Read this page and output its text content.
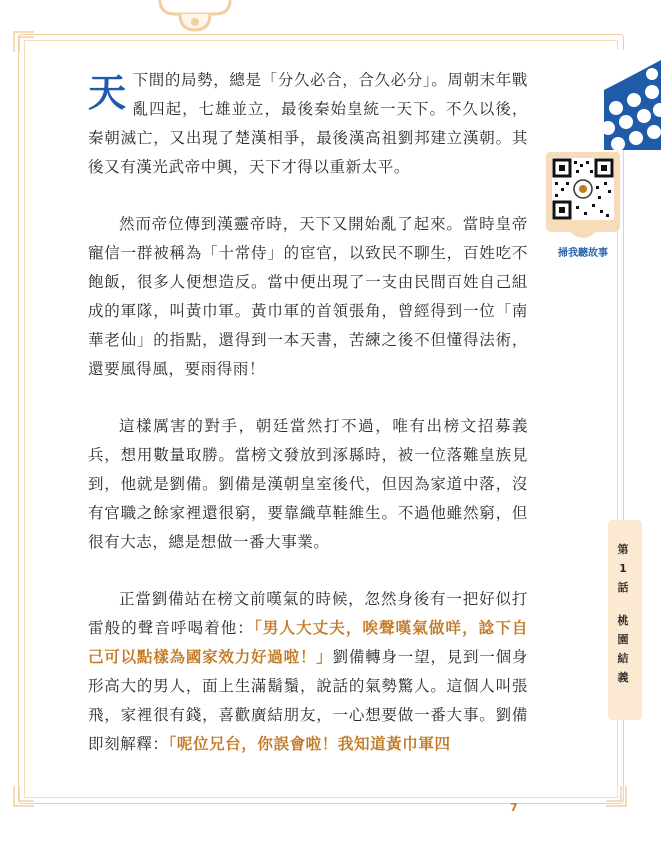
掃我聽故事
第
1
話
桃
園
結
義

天下間的局勢，總是「分久必合，合久必分」。周朝末年戰亂四起，七雄並立，最後秦始皇統一天下。不久以後，秦朝滅亡，又出現了楚漢相爭，最後漢高祖劉邦建立漢朝。其後又有漢光武帝中興，天下才得以重新太平。

然而帝位傳到漢靈帝時，天下又開始亂了起來。當時皇帝寵信一群被稱為「十常侍」的宦官，以致民不聊生，百姓吃不飽飯，很多人便想造反。當中便出現了一支由民間百姓自己組成的軍隊，叫黃巾軍。黃巾軍的首領張角，曾經得到一位「南華老仙」的指點，還得到一本天書，苦練之後不但懂得法術，還要風得風，要雨得雨！

這樣厲害的對手，朝廷當然打不過，唯有出榜文招募義兵，想用數量取勝。當榜文發放到涿縣時，被一位落難皇族見到，他就是劉備。劉備是漢朝皇室後代，但因為家道中落，沒有官職之餘家裡還很窮，要靠織草鞋維生。不過他雖然窮，但很有大志，總是想做一番大事業。

正當劉備站在榜文前嘆氣的時候，忽然身後有一把好似打雷般的聲音呼喝着他：「男人大丈夫，唉聲嘆氣做咩，諗下自己可以點樣為國家效力好過啦！」劉備轉身一望，見到一個身形高大的男人，面上生滿鬍鬚，說話的氣勢驚人。這個人叫張飛，家裡很有錢，喜歡廣結朋友，一心想要做一番大事。劉備即刻解釋：「呢位兄台，你誤會啦！我知道黃巾軍四

7
